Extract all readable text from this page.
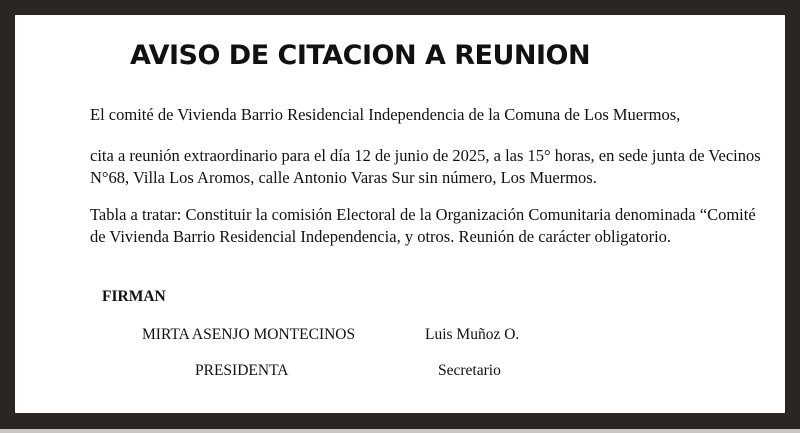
AVISO DE CITACION A REUNION

El comité de Vivienda Barrio Residencial Independencia de la Comuna de Los Muermos,

cita a reunión extraordinario para el día 12 de junio de 2025, a las 15° horas, en sede junta de Vecinos N°68, Villa Los Aromos, calle Antonio Varas Sur sin número, Los Muermos.

Tabla a tratar: Constituir la comisión Electoral de la Organización Comunitaria denominada “Comité de Vivienda Barrio Residencial Independencia, y otros. Reunión de carácter obligatorio.

FIRMAN

MIRTA ASENJO MONTECINOS	Luis Muñoz O.

PRESIDENTA	Secretario
